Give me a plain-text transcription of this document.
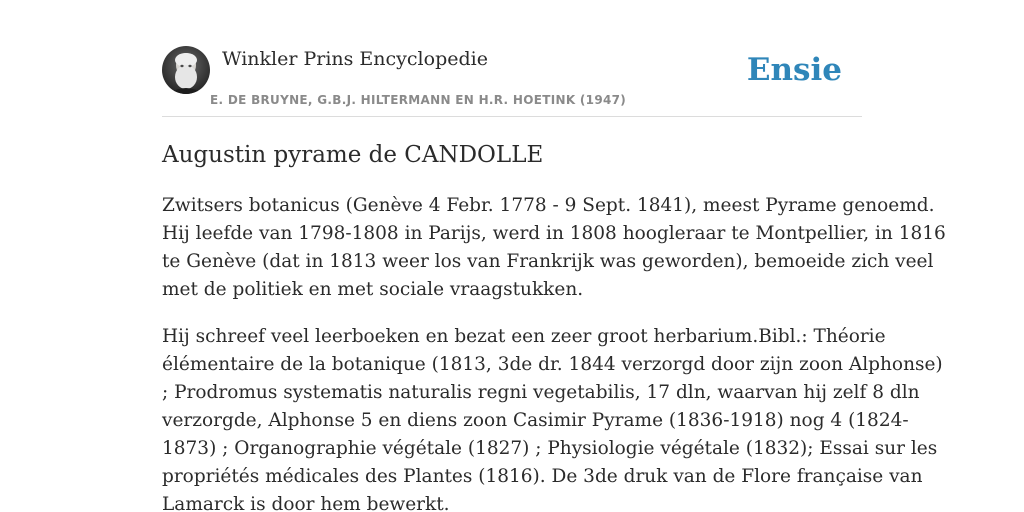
Winkler Prins Encyclopedie
E. DE BRUYNE, G.B.J. HILTERMANN EN H.R. HOETINK (1947)
Ensie
Augustin pyrame de CANDOLLE
Zwitsers botanicus (Genève 4 Febr. 1778 - 9 Sept. 1841), meest Pyrame genoemd.
Hij leefde van 1798-1808 in Parijs, werd in 1808 hoogleraar te Montpellier, in 1816
te Genève (dat in 1813 weer los van Frankrijk was geworden), bemoeide zich veel
met de politiek en met sociale vraagstukken.
Hij schreef veel leerboeken en bezat een zeer groot herbarium.Bibl.: Théorie
élémentaire de la botanique (1813, 3de dr. 1844 verzorgd door zijn zoon Alphonse)
; Prodromus systematis naturalis regni vegetabilis, 17 dln, waarvan hij zelf 8 dln
verzorgde, Alphonse 5 en diens zoon Casimir Pyrame (1836-1918) nog 4 (1824-
1873) ; Organographie végétale (1827) ; Physiologie végétale (1832); Essai sur les
propriétés médicales des Plantes (1816). De 3de druk van de Flore française van
Lamarck is door hem bewerkt.
